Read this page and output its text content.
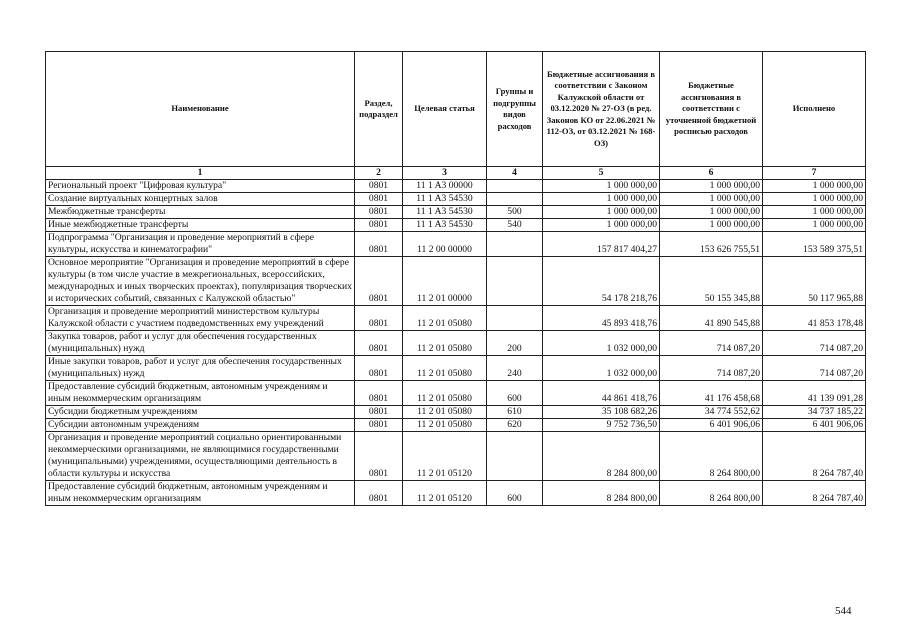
Наименование	Раздел, подраздел	Целевая статья	Группы и подгруппы видов расходов	Бюджетные ассигнования в соответствии с Законом Калужской области от 03.12.2020 № 27-ОЗ (в ред. Законов КО от 22.06.2021 № 112-ОЗ, от 03.12.2021 № 168-ОЗ)	Бюджетные ассигнования в соответствии с уточненной бюджетной росписью расходов	Исполнено
1	2	3	4	5	6	7
Региональный проект "Цифровая культура"	0801	11 1 A3 00000		1 000 000,00	1 000 000,00	1 000 000,00
Создание виртуальных концертных залов	0801	11 1 A3 54530		1 000 000,00	1 000 000,00	1 000 000,00
Межбюджетные трансферты	0801	11 1 A3 54530	500	1 000 000,00	1 000 000,00	1 000 000,00
Иные межбюджетные трансферты	0801	11 1 A3 54530	540	1 000 000,00	1 000 000,00	1 000 000,00
Подпрограмма "Организация и проведение мероприятий в сфере культуры, искусства и кинематографии"	0801	11 2 00 00000		157 817 404,27	153 626 755,51	153 589 375,51
Основное мероприятие "Организация и проведение мероприятий в сфере культуры (в том числе участие в межрегиональных, всероссийских, международных и иных творческих проектах), популяризация творческих и исторических событий, связанных с Калужской областью"	0801	11 2 01 00000		54 178 218,76	50 155 345,88	50 117 965,88
Организация и проведение мероприятий министерством культуры Калужской области с участием подведомственных ему учреждений	0801	11 2 01 05080		45 893 418,76	41 890 545,88	41 853 178,48
Закупка товаров, работ и услуг для обеспечения государственных (муниципальных) нужд	0801	11 2 01 05080	200	1 032 000,00	714 087,20	714 087,20
Иные закупки товаров, работ и услуг для обеспечения государственных (муниципальных) нужд	0801	11 2 01 05080	240	1 032 000,00	714 087,20	714 087,20
Предоставление субсидий бюджетным, автономным учреждениям и иным некоммерческим организациям	0801	11 2 01 05080	600	44 861 418,76	41 176 458,68	41 139 091,28
Субсидии бюджетным учреждениям	0801	11 2 01 05080	610	35 108 682,26	34 774 552,62	34 737 185,22
Субсидии автономным учреждениям	0801	11 2 01 05080	620	9 752 736,50	6 401 906,06	6 401 906,06
Организация и проведение мероприятий социально ориентированными некоммерческими организациями, не являющимися государственными (муниципальными) учреждениями, осуществляющими деятельность в области культуры и искусства	0801	11 2 01 05120		8 284 800,00	8 264 800,00	8 264 787,40
Предоставление субсидий бюджетным, автономным учреждениям и иным некоммерческим организациям	0801	11 2 01 05120	600	8 284 800,00	8 264 800,00	8 264 787,40
544
